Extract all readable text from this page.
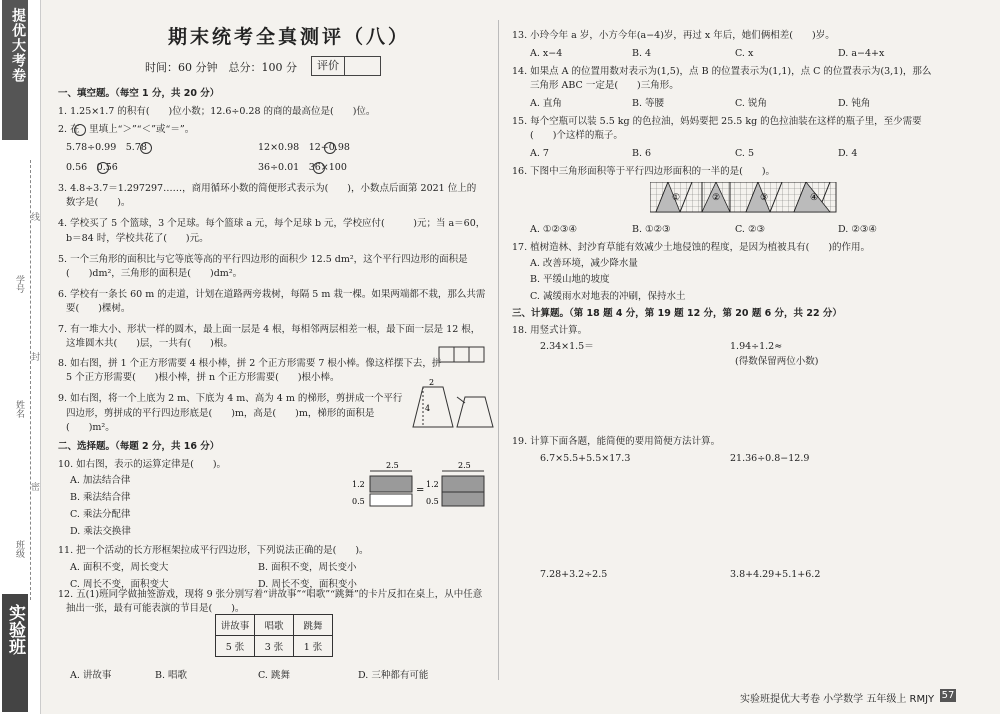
提优大考卷
实验班
班级
姓名
学号
密
封
线
期末统考全真测评（八）
时间：60 分钟　总分：100 分	评价
一、填空题。（每空 1 分，共 20 分）
1. 1.25×1.7 的积有(　　)位小数；12.6÷0.28 的商的最高位是(　　)位。
2. 在　里填上“＞”“＜”或“＝”。
5.78÷0.99　5.78	12×0.98　12÷0.98
0.56̇　0.5̇6̇	36÷0.01　36×100
3. 4.8÷3.7＝1.297297……，商用循环小数的简便形式表示为(　　)，小数点后面第 2021 位上的
数字是(　　)。
4. 学校买了 5 个篮球，3 个足球。每个篮球 a 元，每个足球 b 元，学校应付(　　　)元；当 a＝60，
b＝84 时，学校共花了(　　)元。
5. 一个三角形的面积比与它等底等高的平行四边形的面积少 12.5 dm²，这个平行四边形的面积是
(　　)dm²，三角形的面积是(　　)dm²。
6. 学校有一条长 60 m 的走道，计划在道路两旁栽树，每隔 5 m 栽一棵。如果两端都不栽，那么共需
要(　　)棵树。
7. 有一堆大小、形状一样的圆木，最上面一层是 4 根，每相邻两层相差一根，最下面一层是 12 根，
这堆圆木共(　　)层，一共有(　　)根。
8. 如右图，拼 1 个正方形需要 4 根小棒，拼 2 个正方形需要 7 根小棒。像这样摆下去，拼
5 个正方形需要(　　)根小棒，拼 n 个正方形需要(　　)根小棒。
9. 如右图，将一个上底为 2 m、下底为 4 m、高为 4 m 的梯形，剪拼成一个平行
四边形，剪拼成的平行四边形底是(　　)m，高是(　　)m，梯形的面积是
(　　)m²。
二、选择题。（每题 2 分，共 16 分）
10. 如右图，表示的运算定律是(　　)。
A. 加法结合律
B. 乘法结合律
C. 乘法分配律
D. 乘法交换律
11. 把一个活动的长方形框架拉成平行四边形，下列说法正确的是(　　)。
A. 面积不变，周长变大	B. 面积不变，周长变小
C. 周长不变，面积变大	D. 周长不变，面积变小
12. 五(1)班同学做抽签游戏，现将 9 张分别写着“讲故事”“唱歌”“跳舞”的卡片反扣在桌上，从中任意
抽出一张，最有可能表演的节目是(　　)。
A. 讲故事	B. 唱歌	C. 跳舞	D. 三种都有可能
13. 小玲今年 a 岁，小方今年(a−4)岁，再过 x 年后，她们俩相差(　　)岁。
A. x−4	B. 4	C. x	D. a−4+x
14. 如果点 A 的位置用数对表示为(1,5)，点 B 的位置表示为(1,1)，点 C 的位置表示为(3,1)，那么
三角形 ABC 一定是(　　)三角形。
A. 直角	B. 等腰	C. 锐角	D. 钝角
15. 每个空瓶可以装 5.5 kg 的色拉油，妈妈要把 25.5 kg 的色拉油装在这样的瓶子里，至少需要
(　　)个这样的瓶子。
A. 7	B. 6	C. 5	D. 4
16. 下图中三角形面积等于平行四边形面积的一半的是(　　)。
A. ①②③④	B. ①②③	C. ②③	D. ②③④
17. 植树造林、封沙育草能有效减少土地侵蚀的程度，是因为植被具有(　　)的作用。
A. 改善环境，减少降水量
B. 平缓山地的坡度
C. 减缓雨水对地表的冲刷，保持水土
三、计算题。（第 18 题 4 分，第 19 题 12 分，第 20 题 6 分，共 22 分）
18. 用竖式计算。
2.34×1.5＝	1.94÷1.2≈
(得数保留两位小数)
19. 计算下面各题，能简便的要用简便方法计算。
6.7×5.5+5.5×17.3	21.36÷0.8−12.9
7.28+3.2÷2.5	3.8+4.29+5.1+6.2
2
4
2.5
1.2
0.5
=
2.5
1.2
0.5
讲故事	唱歌	跳舞
5 张	3 张	1 张
①	②	③	④
实验班提优大考卷 小学数学 五年级上 RMJY 57
